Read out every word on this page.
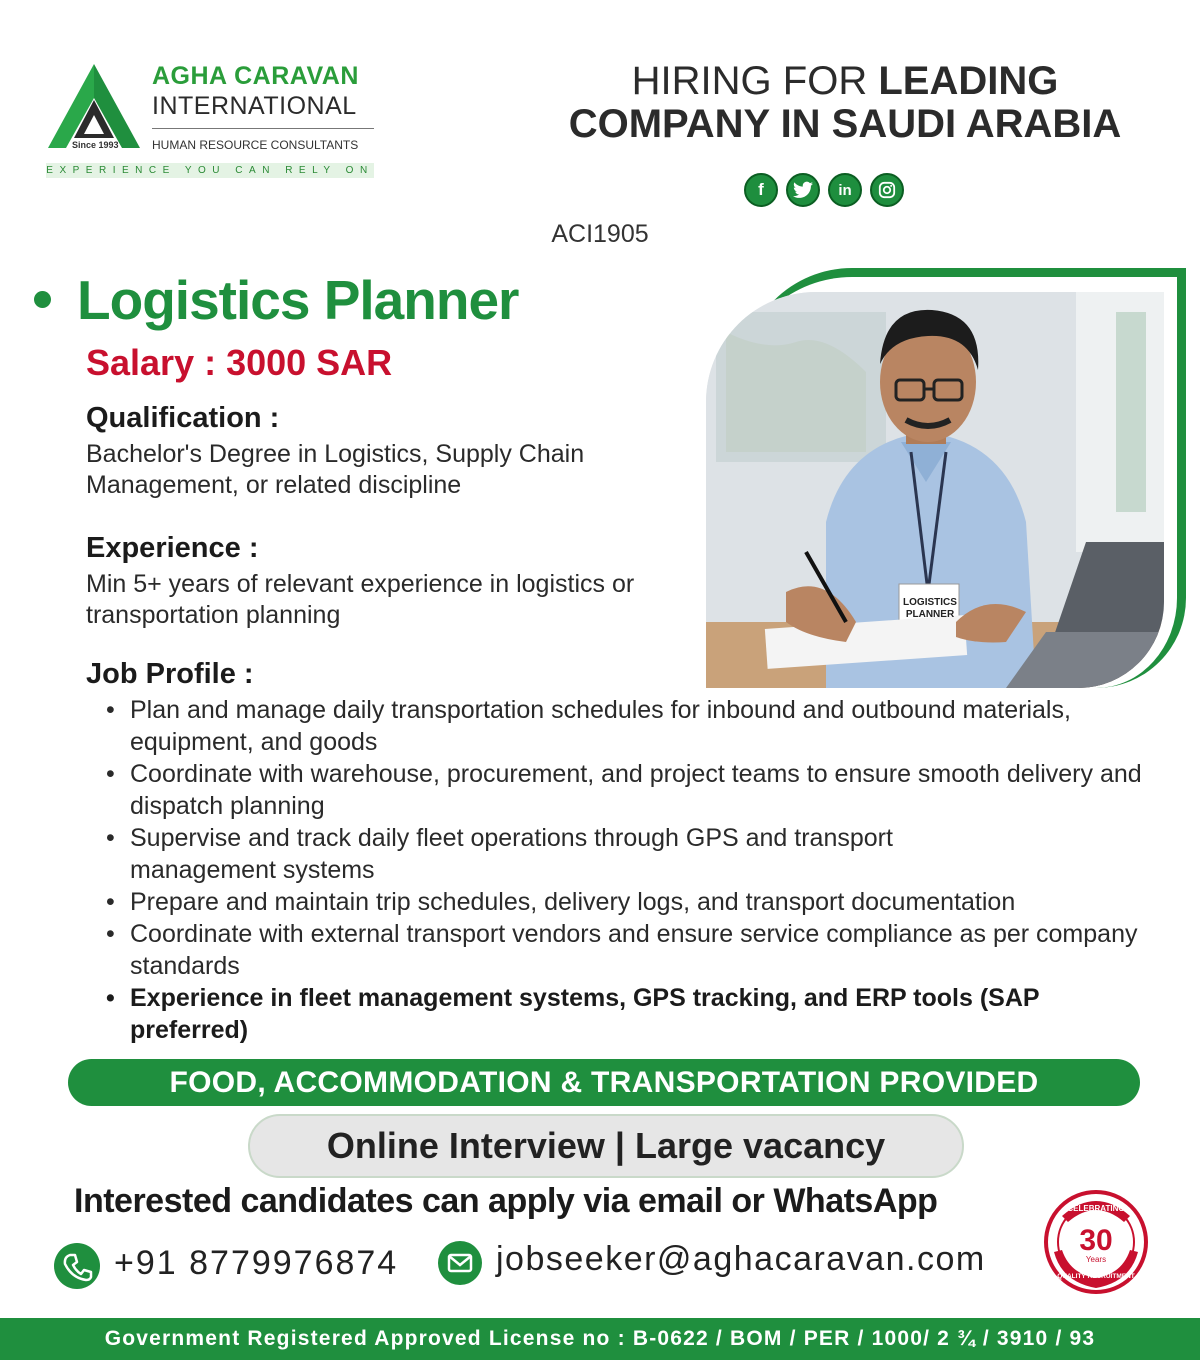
Since 1993
AGHA CARAVAN
INTERNATIONAL
HUMAN RESOURCE CONSULTANTS
EXPERIENCE YOU CAN RELY ON
HIRING FOR LEADING
COMPANY IN SAUDI ARABIA
f	in
ACI1905
Logistics Planner
Salary : 3000 SAR
Qualification :
Bachelor's Degree in Logistics, Supply Chain Management, or related discipline
Experience :
Min 5+ years of relevant experience in logistics or transportation planning
Job Profile :
• Plan and manage daily transportation schedules for inbound and outbound materials, equipment, and goods
• Coordinate with warehouse, procurement, and project teams to ensure smooth delivery and dispatch planning
• Supervise and track daily fleet operations through GPS and transport management systems
• Prepare and maintain trip schedules, delivery logs, and transport documentation
• Coordinate with external transport vendors and ensure service compliance as per company standards
• Experience in fleet management systems, GPS tracking, and ERP tools (SAP preferred)
LOGISTICS PLANNER
FOOD, ACCOMMODATION & TRANSPORTATION PROVIDED
Online Interview | Large vacancy
Interested candidates can apply via email or WhatsApp
+91 8779976874	jobseeker@aghacaravan.com
CELEBRATING
30
Years
QUALITY RECRUITMENT
Government Registered Approved License no : B-0622 / BOM / PER / 1000/ 2 ¾ / 3910 / 93
